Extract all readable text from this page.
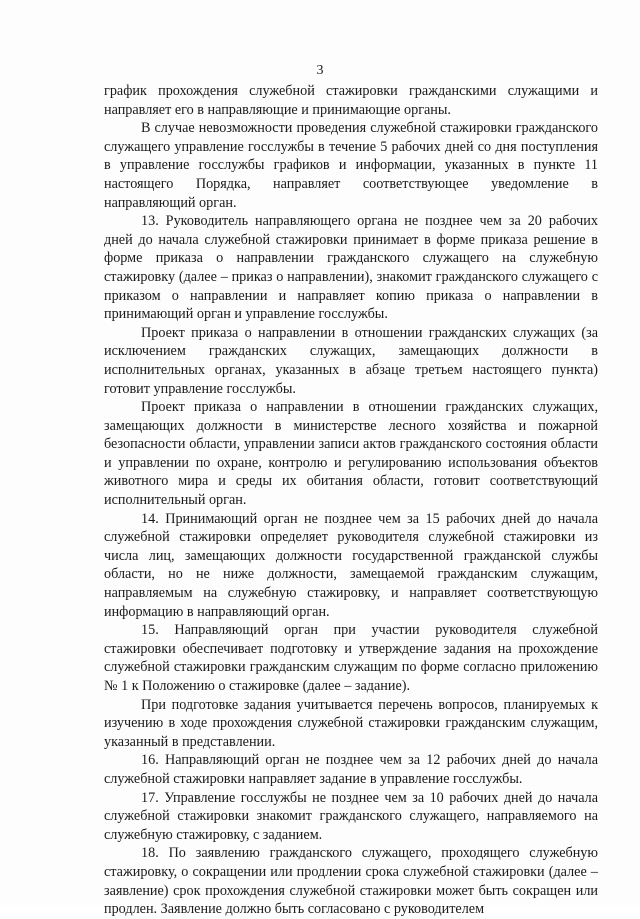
3

график прохождения служебной стажировки гражданскими служащими и направляет его в направляющие и принимающие органы.

В случае невозможности проведения служебной стажировки гражданского служащего управление госслужбы в течение 5 рабочих дней со дня поступления в управление госслужбы графиков и информации, указанных в пункте 11 настоящего Порядка, направляет соответствующее уведомление в направляющий орган.

13. Руководитель направляющего органа не позднее чем за 20 рабочих дней до начала служебной стажировки принимает в форме приказа решение в форме приказа о направлении гражданского служащего на служебную стажировку (далее – приказ о направлении), знакомит гражданского служащего с приказом о направлении и направляет копию приказа о направлении в принимающий орган и управление госслужбы.

Проект приказа о направлении в отношении гражданских служащих (за исключением гражданских служащих, замещающих должности в исполнительных органах, указанных в абзаце третьем настоящего пункта) готовит управление госслужбы.

Проект приказа о направлении в отношении гражданских служащих, замещающих должности в министерстве лесного хозяйства и пожарной безопасности области, управлении записи актов гражданского состояния области и управлении по охране, контролю и регулированию использования объектов животного мира и среды их обитания области, готовит соответствующий исполнительный орган.

14. Принимающий орган не позднее чем за 15 рабочих дней до начала служебной стажировки определяет руководителя служебной стажировки из числа лиц, замещающих должности государственной гражданской службы области, но не ниже должности, замещаемой гражданским служащим, направляемым на служебную стажировку, и направляет соответствующую информацию в направляющий орган.

15. Направляющий орган при участии руководителя служебной стажировки обеспечивает подготовку и утверждение задания на прохождение служебной стажировки гражданским служащим по форме согласно приложению № 1 к Положению о стажировке (далее – задание).

При подготовке задания учитывается перечень вопросов, планируемых к изучению в ходе прохождения служебной стажировки гражданским служащим, указанный в представлении.

16. Направляющий орган не позднее чем за 12 рабочих дней до начала служебной стажировки направляет задание в управление госслужбы.

17. Управление госслужбы не позднее чем за 10 рабочих дней до начала служебной стажировки знакомит гражданского служащего, направляемого на служебную стажировку, с заданием.

18. По заявлению гражданского служащего, проходящего служебную стажировку, о сокращении или продлении срока служебной стажировки (далее – заявление) срок прохождения служебной стажировки может быть сокращен или продлен. Заявление должно быть согласовано с руководителем
